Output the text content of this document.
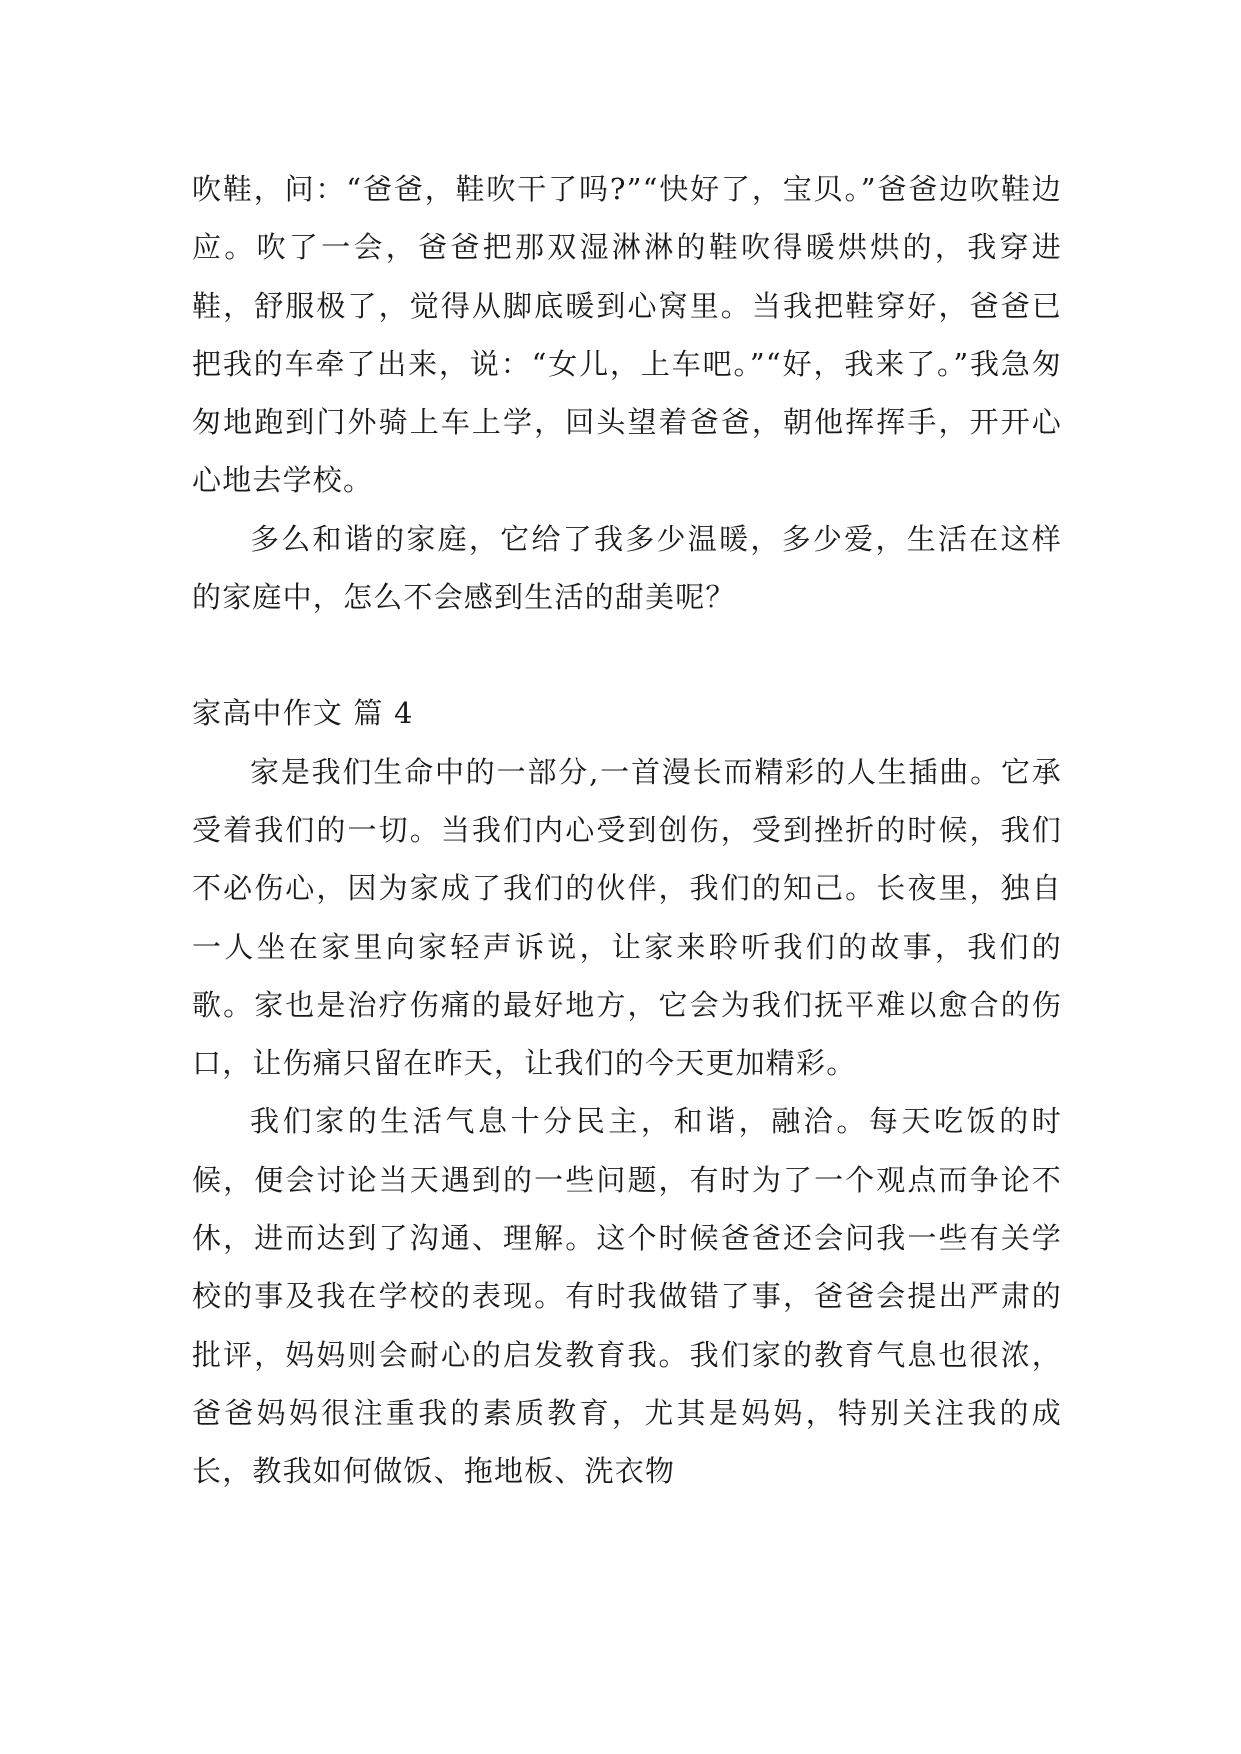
吹鞋，问：“爸爸，鞋吹干了吗?”“快好了，宝贝。”爸爸边吹鞋边应。吹了一会，爸爸把那双湿淋淋的鞋吹得暖烘烘的，我穿进鞋，舒服极了，觉得从脚底暖到心窝里。当我把鞋穿好，爸爸已把我的车牵了出来，说：“女儿，上车吧。”“好，我来了。”我急匆匆地跑到门外骑上车上学，回头望着爸爸，朝他挥挥手，开开心心地去学校。

多么和谐的家庭，它给了我多少温暖，多少爱，生活在这样的家庭中，怎么不会感到生活的甜美呢？

家高中作文 篇 4

家是我们生命中的一部分,一首漫长而精彩的人生插曲。它承受着我们的一切。当我们内心受到创伤，受到挫折的时候，我们不必伤心，因为家成了我们的伙伴，我们的知己。长夜里，独自一人坐在家里向家轻声诉说，让家来聆听我们的故事，我们的歌。家也是治疗伤痛的最好地方，它会为我们抚平难以愈合的伤口，让伤痛只留在昨天，让我们的今天更加精彩。

我们家的生活气息十分民主，和谐，融洽。每天吃饭的时候，便会讨论当天遇到的一些问题，有时为了一个观点而争论不休，进而达到了沟通、理解。这个时候爸爸还会问我一些有关学校的事及我在学校的表现。有时我做错了事，爸爸会提出严肃的批评，妈妈则会耐心的启发教育我。我们家的教育气息也很浓，爸爸妈妈很注重我的素质教育，尤其是妈妈，特别关注我的成长，教我如何做饭、拖地板、洗衣物
